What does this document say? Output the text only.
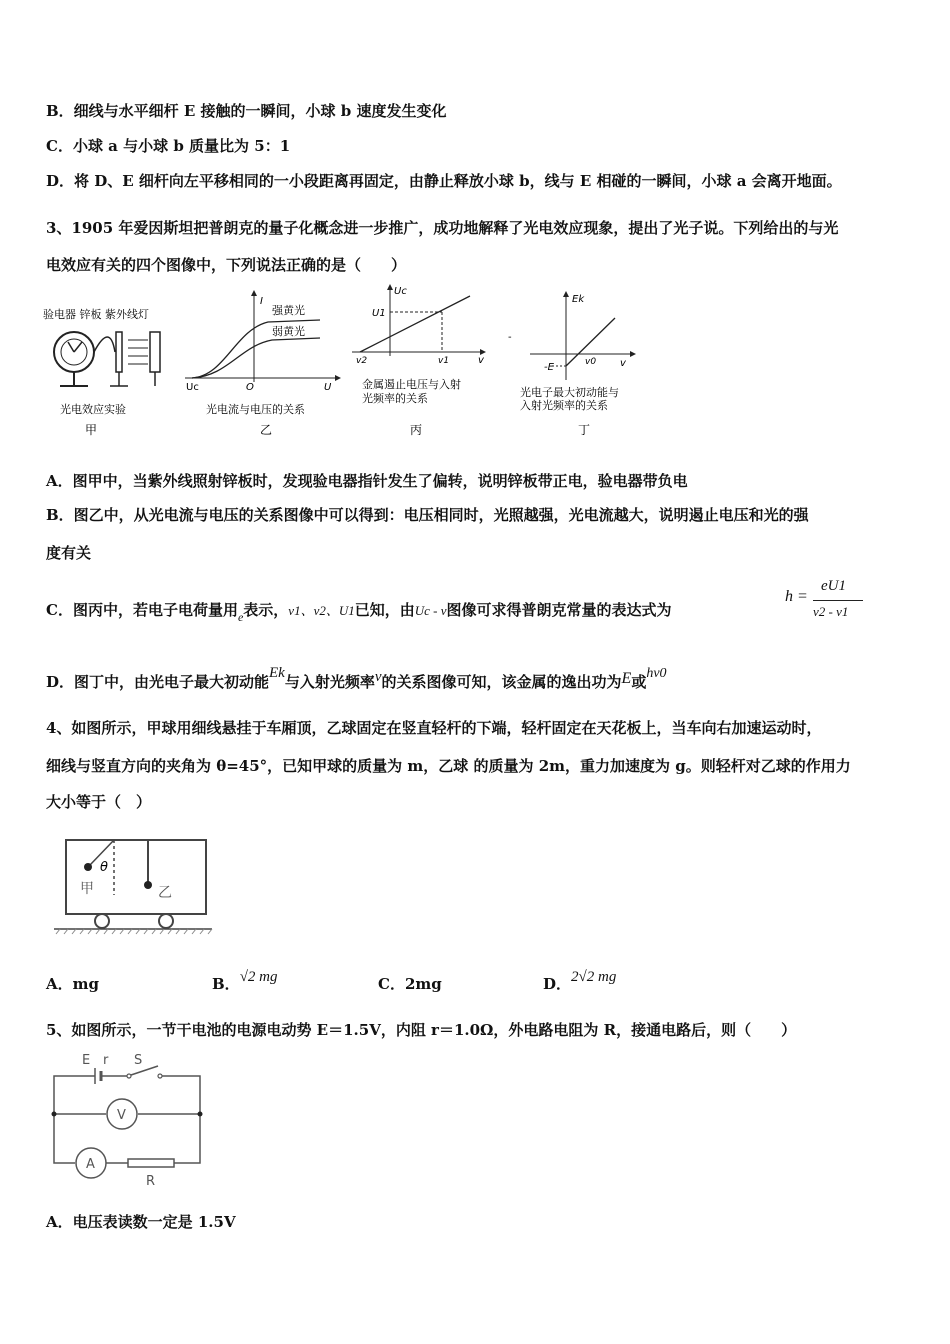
B．细线与水平细杆 E 接触的一瞬间，小球 b 速度发生变化
C．小球 a 与小球 b 质量比为 5：1
D．将 D、E 细杆向左平移相同的一小段距离再固定，由静止释放小球 b，线与 E 相碰的一瞬间，小球 a 会离开地面。
3、1905 年爱因斯坦把普朗克的量子化概念进一步推广，成功地解释了光电效应现象，提出了光子说。下列给出的与光
电效应有关的四个图像中，下列说法正确的是（　　）
验电器 锌板 紫外线灯
光电效应实验
甲
I
强黄光
弱黄光
Uc	O	U
光电流与电压的关系
乙
Uc
U1
v2	v1	v
金属遏止电压与入射
光频率的关系
丙
-
Ek
v0 v
-E
光电子最大初动能与
入射光频率的关系
丁
A．图甲中，当紫外线照射锌板时，发现验电器指针发生了偏转，说明锌板带正电，验电器带负电
B．图乙中，从光电流与电压的关系图像中可以得到：电压相同时，光照越强，光电流越大，说明遏止电压和光的强
度有关
C．图丙中，若电子电荷量用$_e$表示，ν1、ν2、U1已知，由Uc - ν图像可求得普朗克常量的表达式为
h =
eU1
ν2 - ν1
D．图丁中，由光电子最大初动能Ek与入射光频率ν的关系图像可知，该金属的逸出功为E或hν0
4、如图所示，甲球用细线悬挂于车厢顶，乙球固定在竖直轻杆的下端，轻杆固定在天花板上，当车向右加速运动时，
细线与竖直方向的夹角为 θ=45°，已知甲球的质量为 m，乙球 的质量为 2m，重力加速度为 g。则轻杆对乙球的作用力
大小等于（　）
θ
甲	乙
A．mg	B．√2 mg	C．2mg	D．2√2 mg
5、如图所示，一节干电池的电源电动势 E＝1.5V，内阻 r＝1.0Ω，外电路电阻为 R，接通电路后，则（　　）
E r S
V
A
R
A．电压表读数一定是 1.5V
